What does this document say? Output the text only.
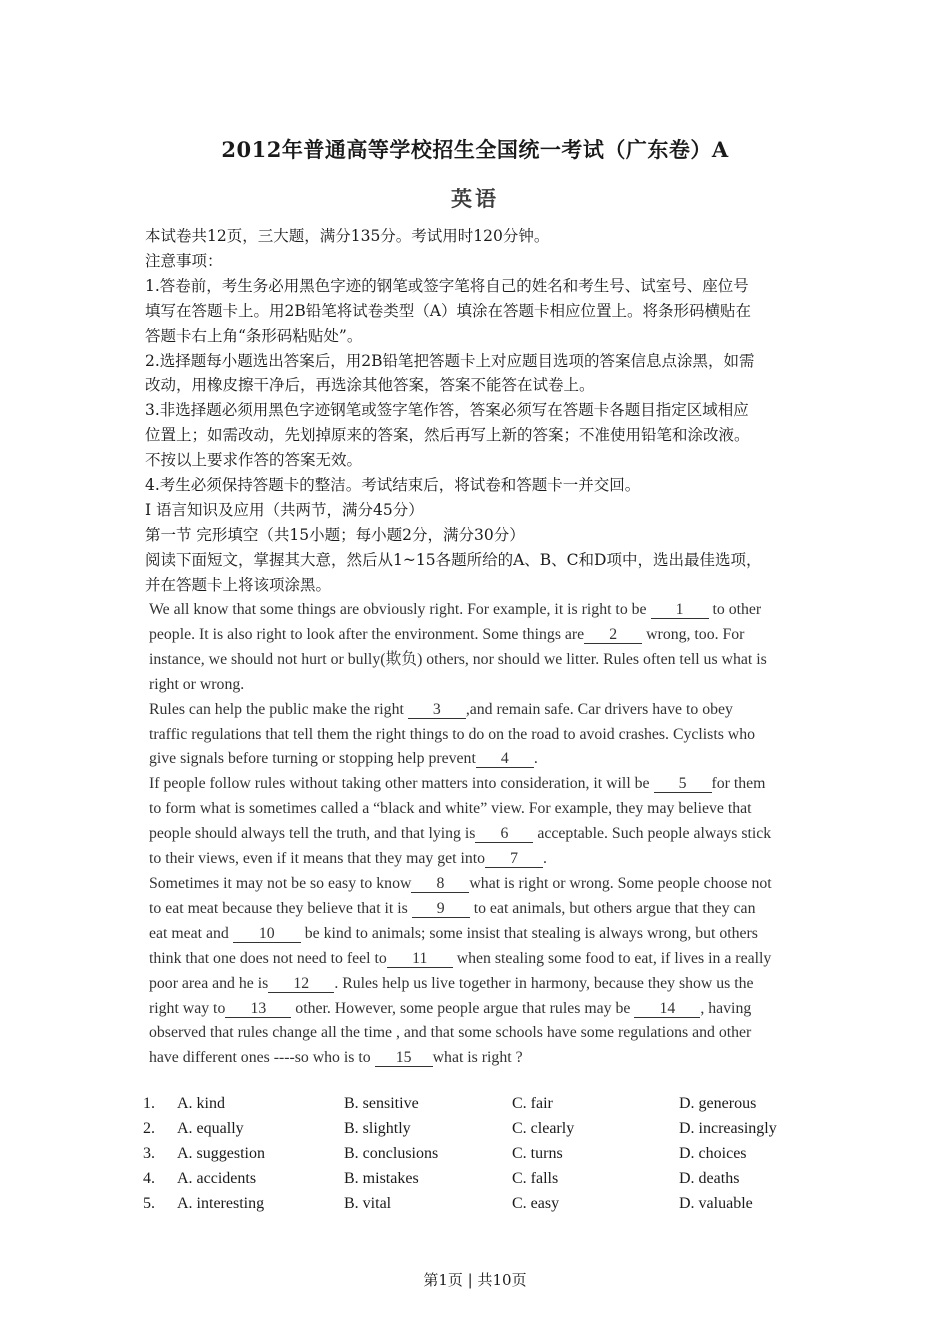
2012年普通高等学校招生全国统一考试（广东卷）A
英语

本试卷共12页，三大题，满分135分。考试用时120分钟。

注意事项：

1.答卷前，考生务必用黑色字迹的钢笔或签字笔将自己的姓名和考生号、试室号、座位号

填写在答题卡上。用2B铅笔将试卷类型（A）填涂在答题卡相应位置上。将条形码横贴在

答题卡右上角“条形码粘贴处”。

2.选择题每小题选出答案后，用2B铅笔把答题卡上对应题目选项的答案信息点涂黑，如需

改动，用橡皮擦干净后，再选涂其他答案，答案不能答在试卷上。

3.非选择题必须用黑色字迹钢笔或签字笔作答，答案必须写在答题卡各题目指定区域相应

位置上；如需改动，先划掉原来的答案，然后再写上新的答案；不准使用铅笔和涂改液。

不按以上要求作答的答案无效。

4.考生必须保持答题卡的整洁。考试结束后，将试卷和答题卡一并交回。

I 语言知识及应用（共两节，满分45分）

第一节 完形填空（共15小题；每小题2分，满分30分）

阅读下面短文，掌握其大意，然后从1~15各题所给的A、B、C和D项中，选出最佳选项，

并在答题卡上将该项涂黑。

We all know that some things are obviously right. For example, it is right to be 1 to other

people. It is also right to look after the environment. Some things are 2 wrong, too. For

instance, we should not hurt or bully(欺负) others, nor should we litter. Rules often tell us what is

right or wrong.

Rules can help the public make the right 3 ,and remain safe. Car drivers have to obey

traffic regulations that tell them the right things to do on the road to avoid crashes. Cyclists who

give signals before turning or stopping help prevent 4 .

If people follow rules without taking other matters into consideration, it will be 5 for them

to form what is sometimes called a “black and white” view. For example, they may believe that

people should always tell the truth, and that lying is 6 acceptable. Such people always stick

to their views, even if it means that they may get into 7 .

Sometimes it may not be so easy to know 8 what is right or wrong. Some people choose not

to eat meat because they believe that it is 9 to eat animals, but others argue that they can

eat meat and 10 be kind to animals; some insist that stealing is always wrong, but others

think that one does not need to feel to 11 when stealing some food to eat, if lives in a really

poor area and he is 12 . Rules help us live together in harmony, because they show us the

right way to 13 other. However, some people argue that rules may be 14 , having

observed that rules change all the time , and that some schools have some regulations and other

have different ones ----so who is to 15 what is right ?

1. A. kind	B. sensitive	C. fair	D. generous
2. A. equally	B. slightly	C. clearly	D. increasingly
3. A. suggestion	B. conclusions	C. turns	D. choices
4. A. accidents	B. mistakes	C. falls	D. deaths
5. A. interesting	B. vital	C. easy	D. valuable
第1页 | 共10页
